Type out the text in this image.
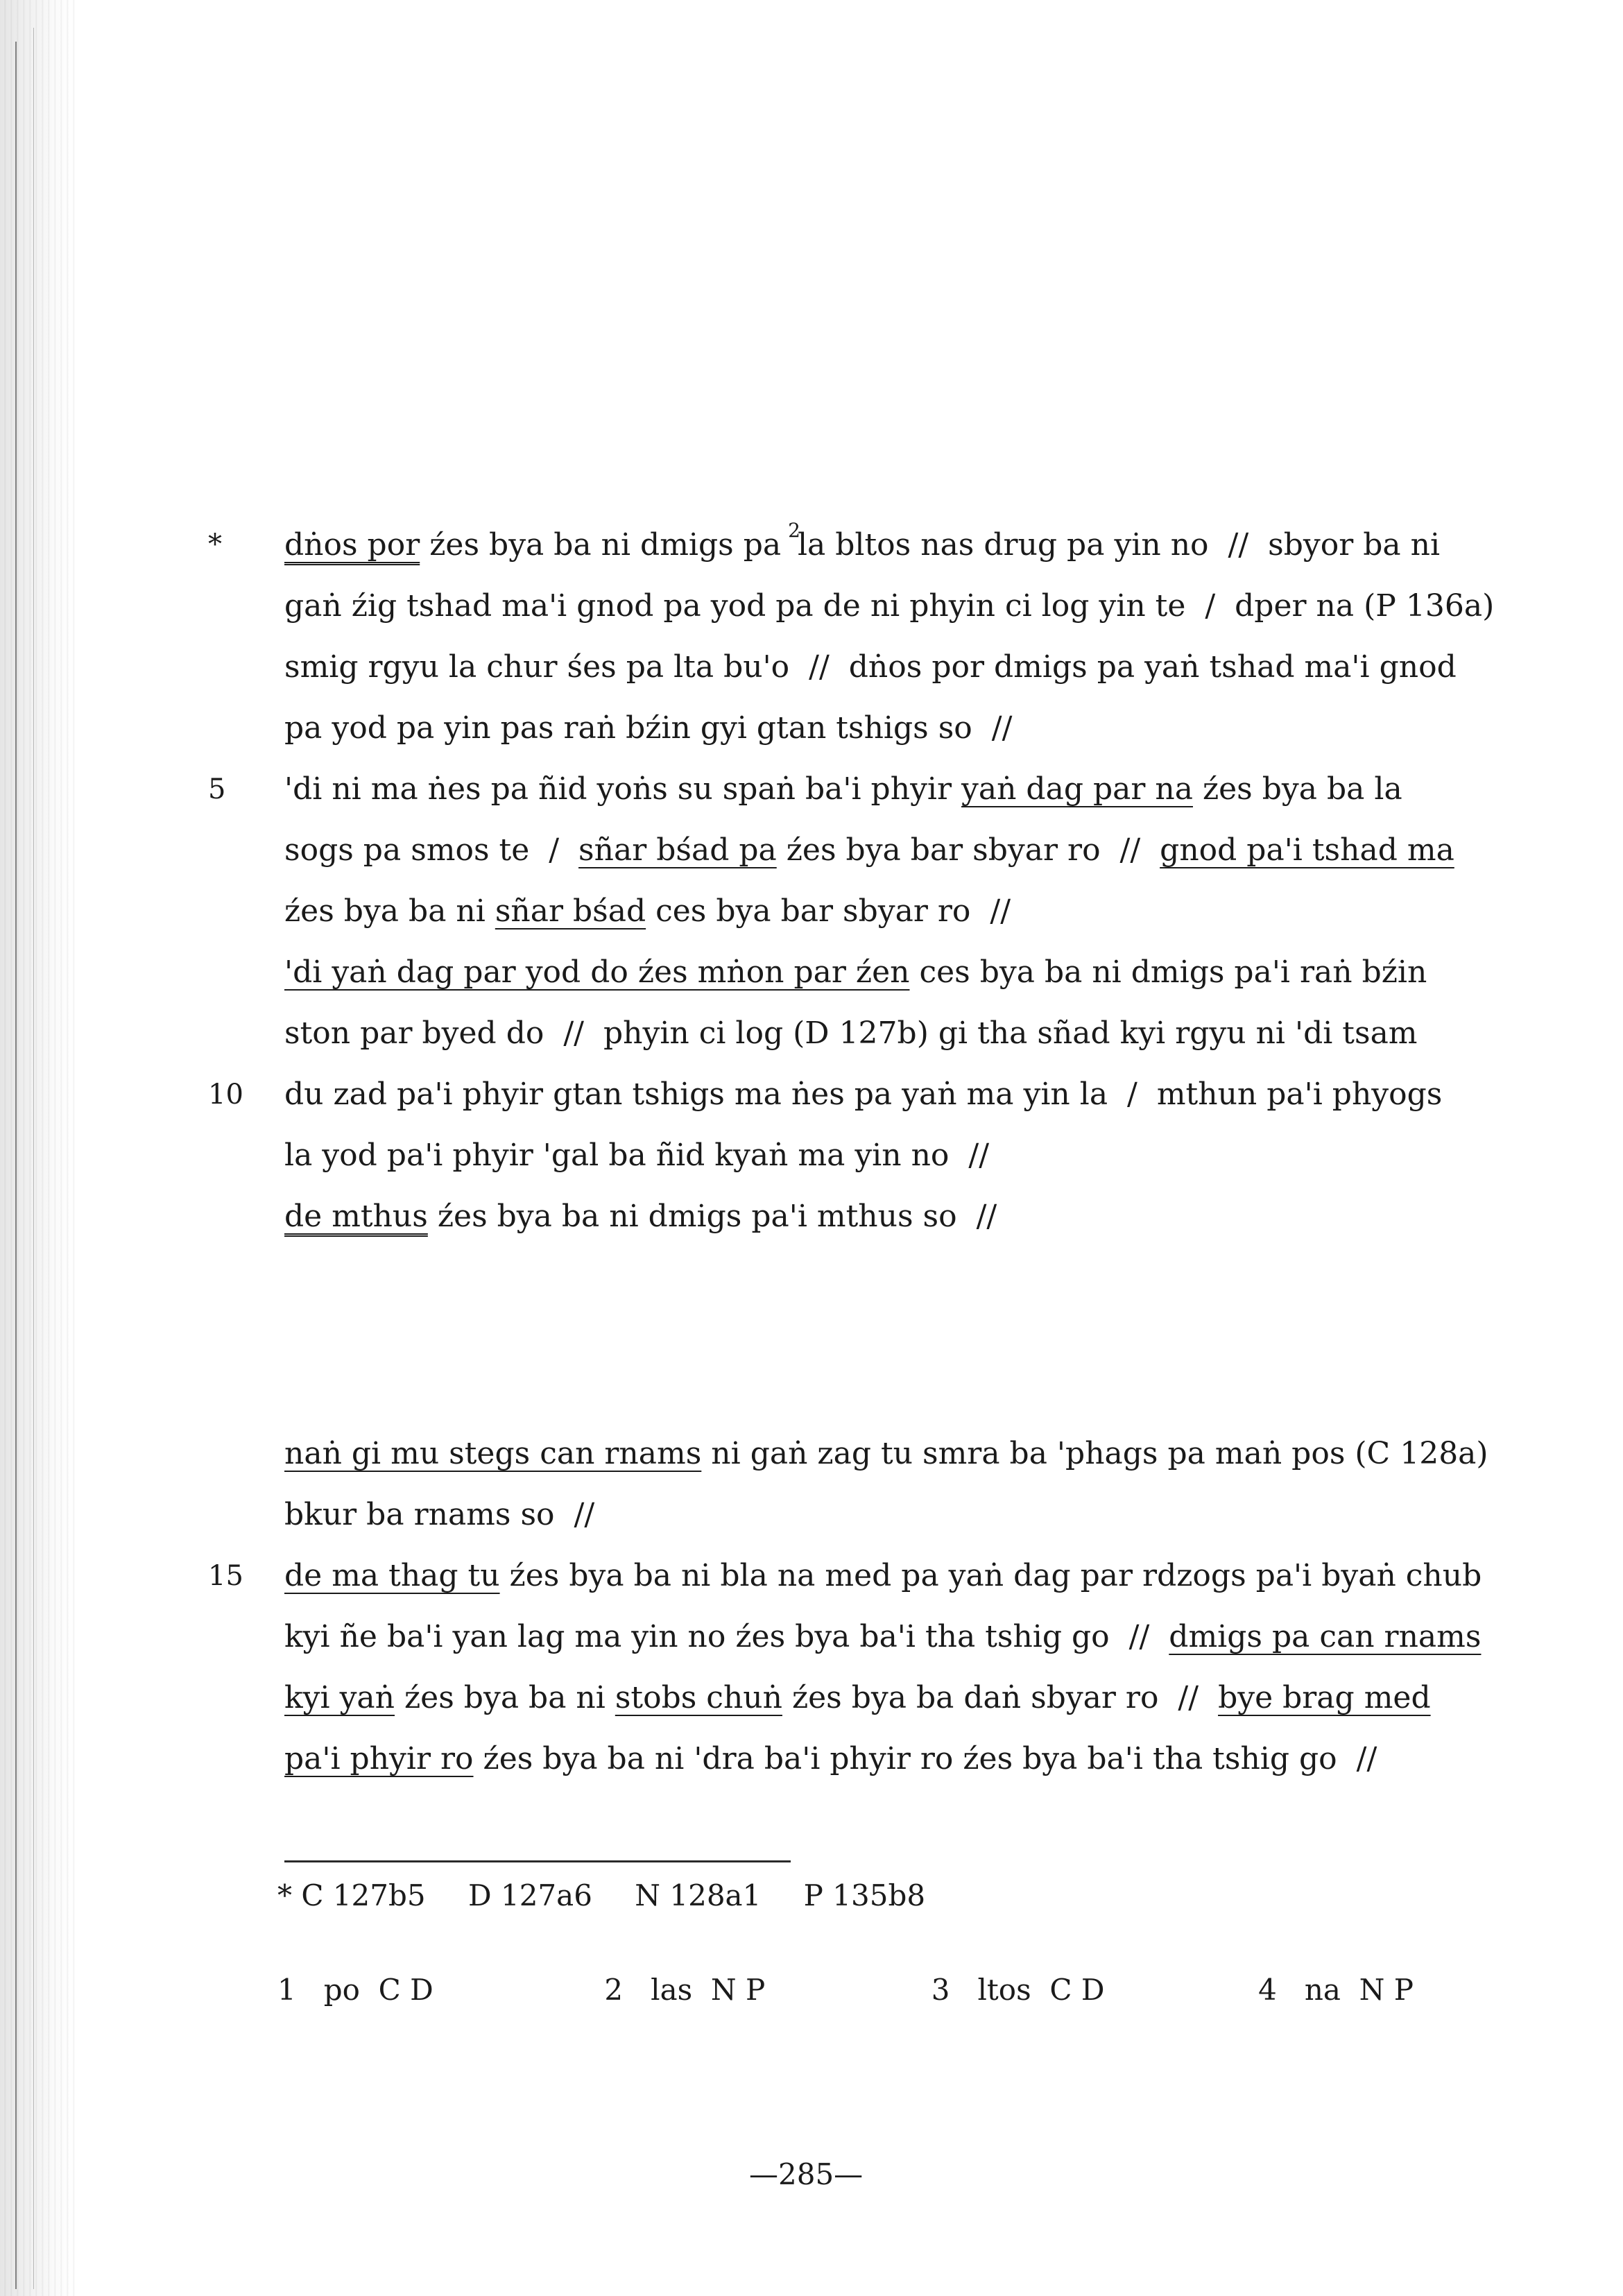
* dṅos por źes bya ba ni dmigs pa $^2$la bltos nas drug pa yin no  //  sbyor ba ni
gaṅ źig tshad ma'i gnod pa yod pa de ni phyin ci log yin te  /  dper na (P 136a)
smig rgyu la chur śes pa lta bu'o  //  dṅos por dmigs pa yaṅ tshad ma'i gnod
pa yod pa yin pas raṅ bźin gyi gtan tshigs so  //
5 'di ni ma ṅes pa ñid yoṅs su spaṅ ba'i phyir yaṅ dag par na źes bya ba la
sogs pa smos te  /  sñar bśad pa źes bya bar sbyar ro  //  gnod pa'i tshad ma
źes bya ba ni sñar bśad ces bya bar sbyar ro  //
'di yaṅ dag par yod do źes mṅon par źen ces bya ba ni dmigs pa'i raṅ bźin
ston par byed do  //  phyin ci log (D 127b) gi tha sñad kyi rgyu ni 'di tsam
10 du zad pa'i phyir gtan tshigs ma ṅes pa yaṅ ma yin la  /  mthun pa'i phyogs
la yod pa'i phyir 'gal ba ñid kyaṅ ma yin no  //
de mthus źes bya ba ni dmigs pa'i mthus so  //
naṅ gi mu stegs can rnams ni gaṅ zag tu smra ba 'phags pa maṅ pos (C 128a)
bkur ba rnams so  //
15 de ma thag tu źes bya ba ni bla na med pa yaṅ dag par rdzogs pa'i byaṅ chub
kyi ñe ba'i yan lag ma yin no źes bya ba'i tha tshig go  //  dmigs pa can rnams
kyi yaṅ źes bya ba ni stobs chuṅ źes bya ba daṅ sbyar ro  //  bye brag med
pa'i phyir ro źes bya ba ni 'dra ba'i phyir ro źes bya ba'i tha tshig go  //
* C 127b5 D 127a6 N 128a1 P 135b8
1   po  C D	2   las  N P	3   ltos  C D	4   na  N P
—285—
